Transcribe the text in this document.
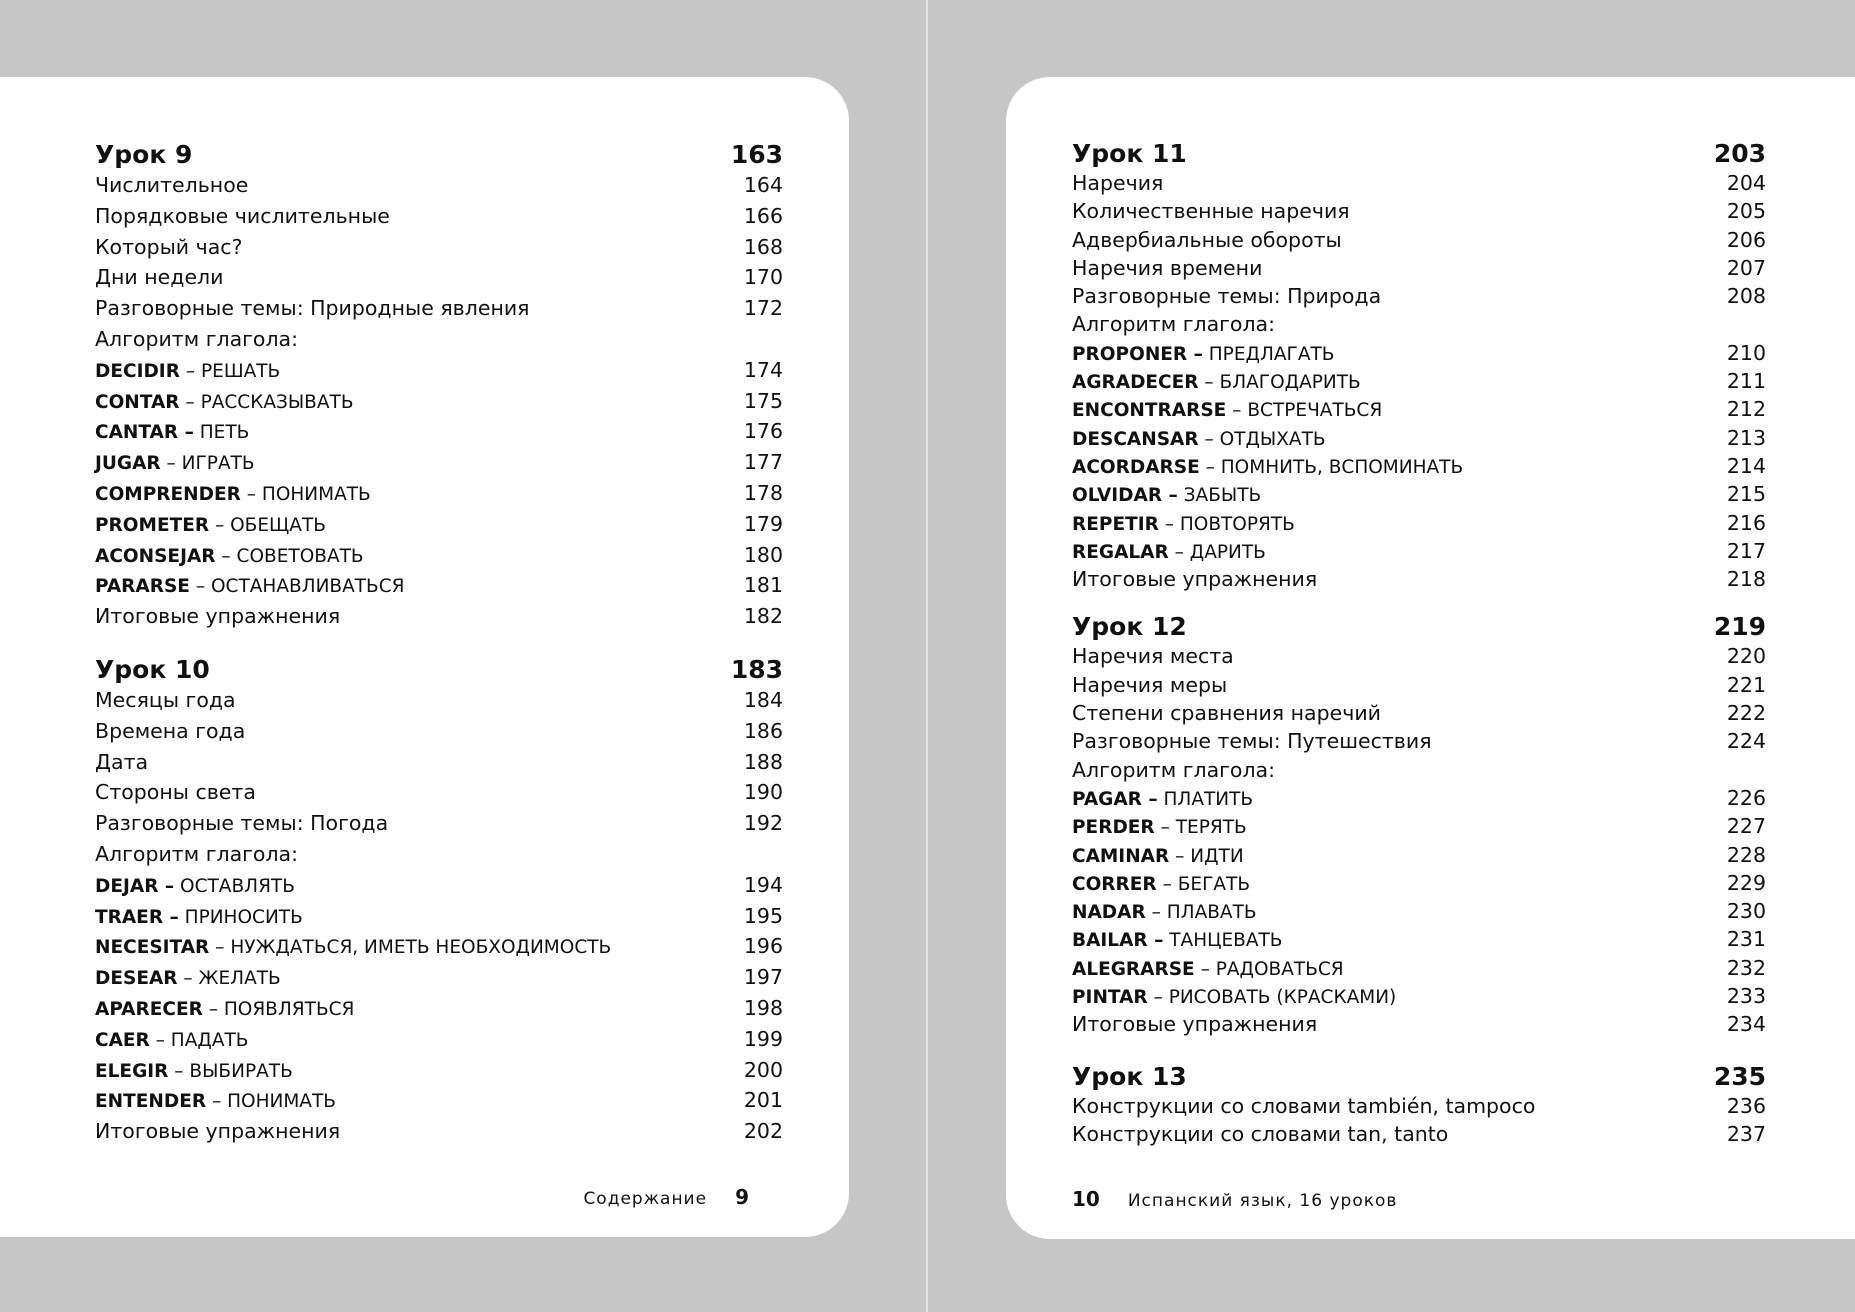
Урок 9	163
Числительное	164
Порядковые числительные	166
Который час?	168
Дни недели	170
Разговорные темы: Природные явления	172
Алгоритм глагола:
DECIDIR – РЕШАТЬ	174
CONTAR – РАССКАЗЫВАТЬ	175
CANTAR – ПЕТЬ	176
JUGAR – ИГРАТЬ	177
COMPRENDER – ПОНИМАТЬ	178
PROMETER – ОБЕЩАТЬ	179
ACONSEJAR – СОВЕТОВАТЬ	180
PARARSE – ОСТАНАВЛИВАТЬСЯ	181
Итоговые упражнения	182
Урок 10	183
Месяцы года	184
Времена года	186
Дата	188
Стороны света	190
Разговорные темы: Погода	192
Алгоритм глагола:
DEJAR – ОСТАВЛЯТЬ	194
TRAER – ПРИНОСИТЬ	195
NECESITAR – НУЖДАТЬСЯ, ИМЕТЬ НЕОБХОДИМОСТЬ	196
DESEAR – ЖЕЛАТЬ	197
APARECER – ПОЯВЛЯТЬСЯ	198
CAER – ПАДАТЬ	199
ELEGIR – ВЫБИРАТЬ	200
ENTENDER – ПОНИМАТЬ	201
Итоговые упражнения	202
Содержание 9
Урок 11	203
Наречия	204
Количественные наречия	205
Адвербиальные обороты	206
Наречия времени	207
Разговорные темы: Природа	208
Алгоритм глагола:
PROPONER – ПРЕДЛАГАТЬ	210
AGRADECER – БЛАГОДАРИТЬ	211
ENCONTRARSE – ВСТРЕЧАТЬСЯ	212
DESCANSAR – ОТДЫХАТЬ	213
ACORDARSE – ПОМНИТЬ, ВСПОМИНАТЬ	214
OLVIDAR – ЗАБЫТЬ	215
REPETIR – ПОВТОРЯТЬ	216
REGALAR – ДАРИТЬ	217
Итоговые упражнения	218
Урок 12	219
Наречия места	220
Наречия меры	221
Степени сравнения наречий	222
Разговорные темы: Путешествия	224
Алгоритм глагола:
PAGAR – ПЛАТИТЬ	226
PERDER – ТЕРЯТЬ	227
CAMINAR – ИДТИ	228
CORRER – БЕГАТЬ	229
NADAR – ПЛАВАТЬ	230
BAILAR – ТАНЦЕВАТЬ	231
ALEGRARSE – РАДОВАТЬСЯ	232
PINTAR – РИСОВАТЬ (КРАСКАМИ)	233
Итоговые упражнения	234
Урок 13	235
Конструкции со словами también, tampoco	236
Конструкции со словами tan, tanto	237
10 Испанский язык, 16 уроков
